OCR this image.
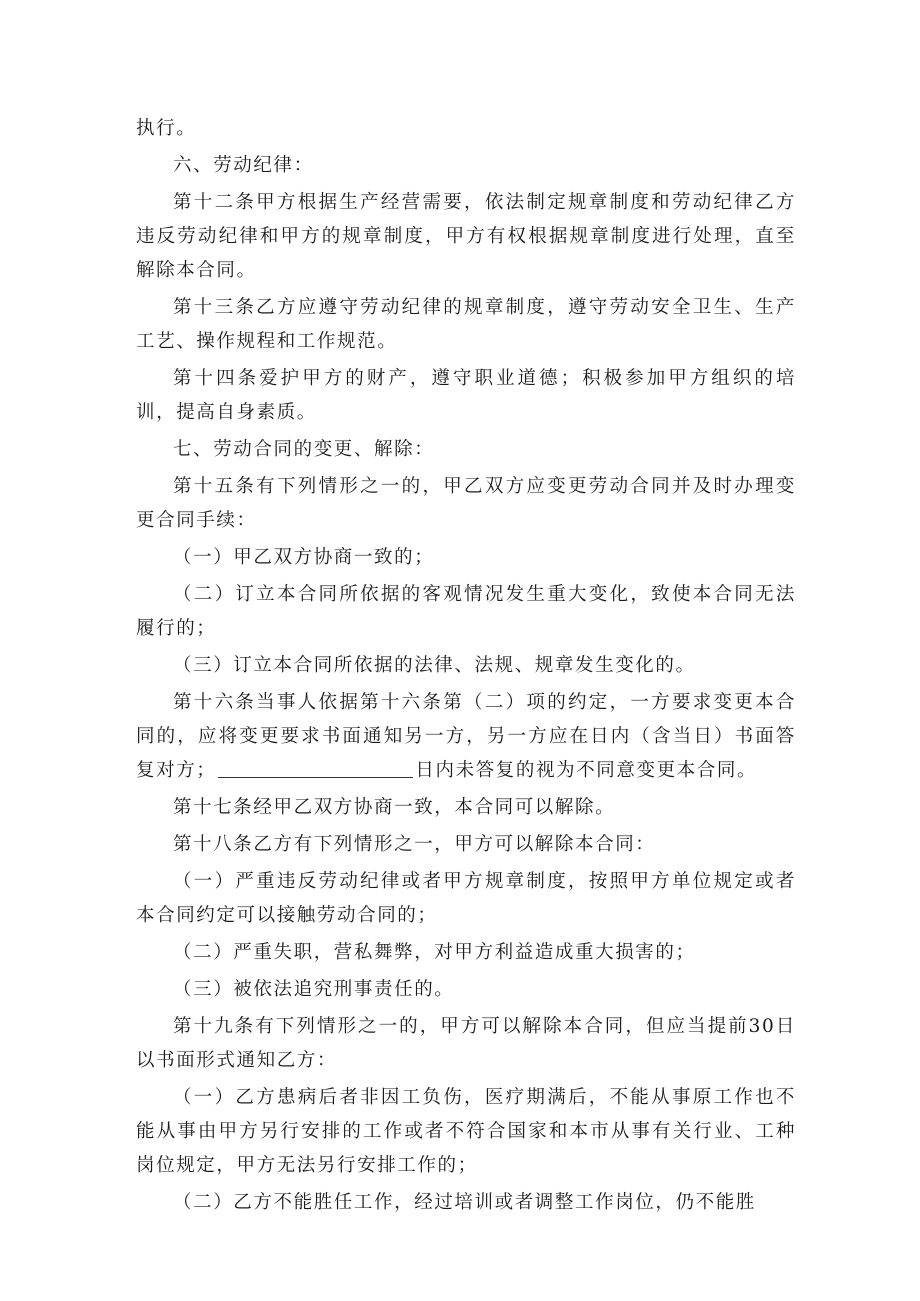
执行。

六、劳动纪律：

第十二条甲方根据生产经营需要，依法制定规章制度和劳动纪律乙方违反劳动纪律和甲方的规章制度，甲方有权根据规章制度进行处理，直至解除本合同。

第十三条乙方应遵守劳动纪律的规章制度，遵守劳动安全卫生、生产工艺、操作规程和工作规范。

第十四条爱护甲方的财产，遵守职业道德；积极参加甲方组织的培训，提高自身素质。

七、劳动合同的变更、解除：

第十五条有下列情形之一的，甲乙双方应变更劳动合同并及时办理变更合同手续：

（一）甲乙双方协商一致的；

（二）订立本合同所依据的客观情况发生重大变化，致使本合同无法履行的；

（三）订立本合同所依据的法律、法规、规章发生变化的。

第十六条当事人依据第十六条第（二）项的约定，一方要求变更本合同的，应将变更要求书面通知另一方，另一方应在日内（含当日）书面答复对方；	日内未答复的视为不同意变更本合同。

第十七条经甲乙双方协商一致，本合同可以解除。

第十八条乙方有下列情形之一，甲方可以解除本合同：

（一）严重违反劳动纪律或者甲方规章制度，按照甲方单位规定或者本合同约定可以接触劳动合同的；

（二）严重失职，营私舞弊，对甲方利益造成重大损害的；

（三）被依法追究刑事责任的。

第十九条有下列情形之一的，甲方可以解除本合同，但应当提前30日以书面形式通知乙方：

（一）乙方患病后者非因工负伤，医疗期满后，不能从事原工作也不能从事由甲方另行安排的工作或者不符合国家和本市从事有关行业、工种岗位规定，甲方无法另行安排工作的；

（二）乙方不能胜任工作，经过培训或者调整工作岗位，仍不能胜
